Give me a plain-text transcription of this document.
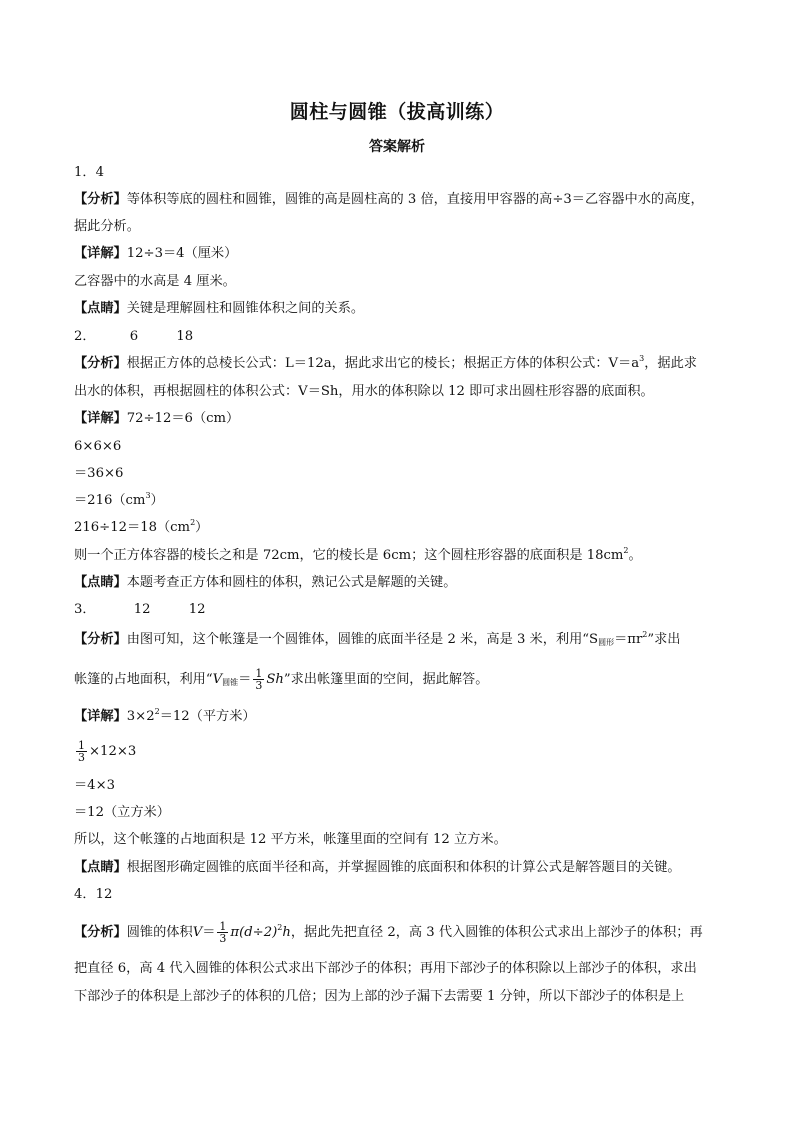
圆柱与圆锥（拔高训练）
答案解析
1．4
【分析】等体积等底的圆柱和圆锥，圆锥的高是圆柱高的 3 倍，直接用甲容器的高÷3＝乙容器中水的高度，
据此分析。
【详解】12÷3＝4（厘米）
乙容器中的水高是 4 厘米。
【点睛】关键是理解圆柱和圆锥体积之间的关系。
2．	6	18
【分析】根据正方体的总棱长公式：L＝12a，据此求出它的棱长；根据正方体的体积公式：$V=a^3$，据此求
出水的体积，再根据圆柱的体积公式：V＝Sh，用水的体积除以 12 即可求出圆柱形容器的底面积。
【详解】72÷12＝6（cm）
6×6×6
＝36×6
$=216(cm^3)$
$216\div 12=18(cm^2)$
则一个正方体容器的棱长之和是 72cm，它的棱长是 6cm；这个圆柱形容器的底面积是 $18cm^2$。
【点睛】本题考查正方体和圆柱的体积，熟记公式是解题的关键。
3．	12	12
【分析】由图可知，这个帐篷是一个圆锥体，圆锥的底面半径是 2 米，高是 3 米，利用“$S_{圆形}=\pi r^2$”求出
帐篷的占地面积，利用“$V_{圆锥}= \frac{1}{3} Sh$”求出帐篷里面的空间，据此解答。
【详解】$3\times 2^2=12$（平方米）
$\frac{1}{3} \times 12\times 3$
＝4×3
＝12（立方米）
所以，这个帐篷的占地面积是 12 平方米，帐篷里面的空间有 12 立方米。
【点睛】根据图形确定圆锥的底面半径和高，并掌握圆锥的底面积和体积的计算公式是解答题目的关键。
4．12
【分析】圆锥的体积$V= \frac{1}{3} \pi(d\div 2)^2h$，据此先把直径 2，高 3 代入圆锥的体积公式求出上部沙子的体积；再
把直径 6，高 4 代入圆锥的体积公式求出下部沙子的体积；再用下部沙子的体积除以上部沙子的体积，求出
下部沙子的体积是上部沙子的体积的几倍；因为上部的沙子漏下去需要 1 分钟，所以下部沙子的体积是上
